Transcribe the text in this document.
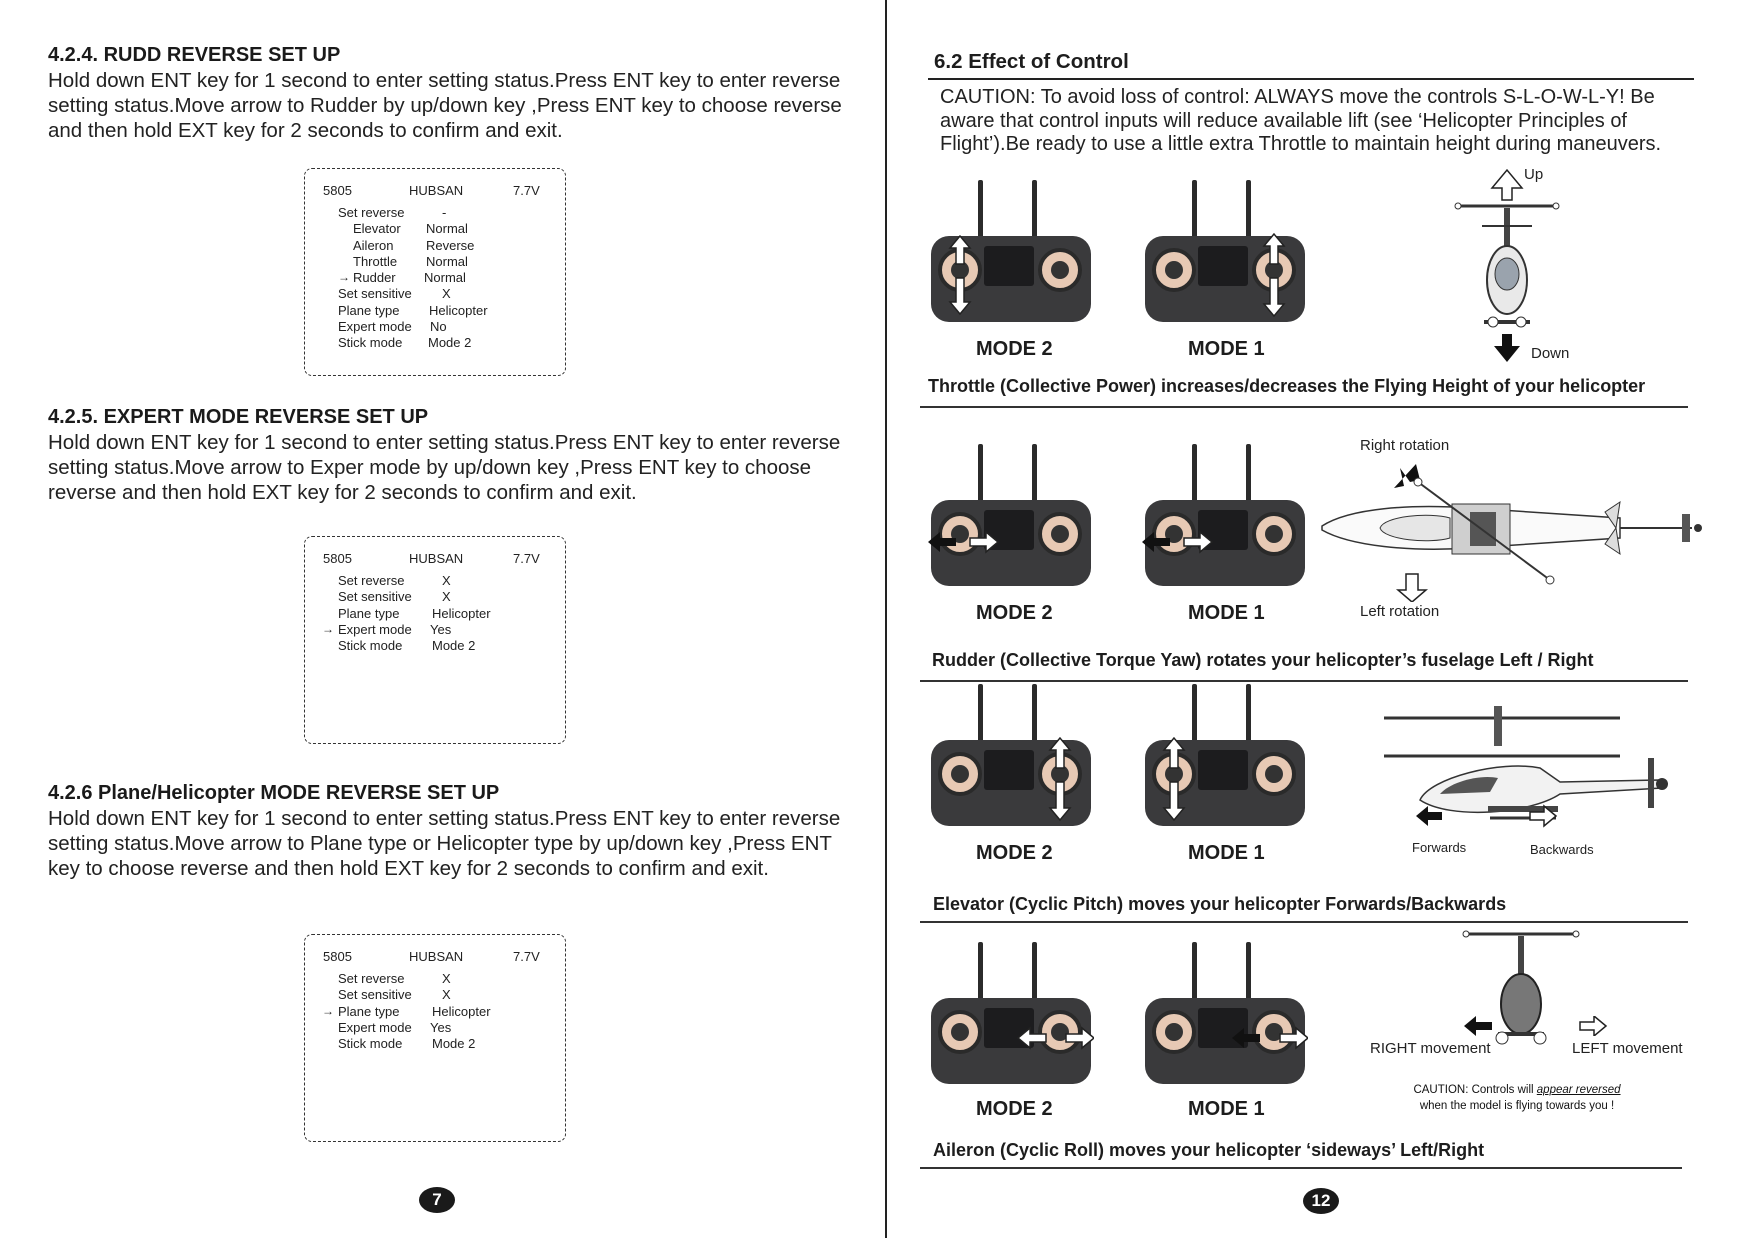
4.2.4. RUDD REVERSE SET UP
Hold down ENT key for 1 second to enter setting status.Press ENT key to enter reverse setting status.Move arrow to Rudder by up/down key ,Press ENT key to choose reverse and then hold EXT key for 2 seconds to confirm and exit.
5805	HUBSAN	7.7V
Set reverse	-
Elevator Normal
Aileron	Reverse
Throttle Normal
→ Rudder Normal
Set sensitive X
Plane type Helicopter
Expert mode No
Stick mode Mode 2
4.2.5. EXPERT MODE REVERSE SET UP
Hold down ENT key for 1 second to enter setting status.Press ENT key to enter reverse setting status.Move arrow to Exper mode by up/down key ,Press ENT key to choose reverse and then hold EXT key for 2 seconds to confirm and exit.
5805	HUBSAN	7.7V
Set reverse	X
Set sensitive X
Plane type	Helicopter
→ Expert mode Yes
Stick mode Mode 2
4.2.6 Plane/Helicopter MODE REVERSE SET UP
Hold down ENT key for 1 second to enter setting status.Press ENT key to enter reverse setting status.Move arrow to Plane type or Helicopter type by up/down key ,Press ENT key to choose reverse and then hold EXT key for 2 seconds to confirm and exit.
5805	HUBSAN	7.7V
Set reverse	X
Set sensitive X
→ Plane type	Helicopter
Expert mode Yes
Stick mode Mode 2
7
6.2 Effect of Control
CAUTION: To avoid loss of control: ALWAYS move the controls S-L-O-W-L-Y! Be aware that control inputs will reduce available lift (see ‘Helicopter Principles of Flight’).Be ready to use a little extra Throttle to maintain height during maneuvers.
MODE 2	MODE 1
Up
Down
Throttle (Collective Power) increases/decreases the Flying Height of your helicopter
MODE 2	MODE 1
Right rotation
Left rotation
Rudder (Collective Torque Yaw) rotates your helicopter’s fuselage Left / Right
MODE 2	MODE 1	Forwards	Backwards
Elevator (Cyclic Pitch) moves your helicopter Forwards/Backwards
MODE 2	MODE 1
RIGHT movement	LEFT movement
CAUTION: Controls will appear reversed
when the model is flying towards you !
Aileron (Cyclic Roll) moves your helicopter ‘sideways’ Left/Right
12
